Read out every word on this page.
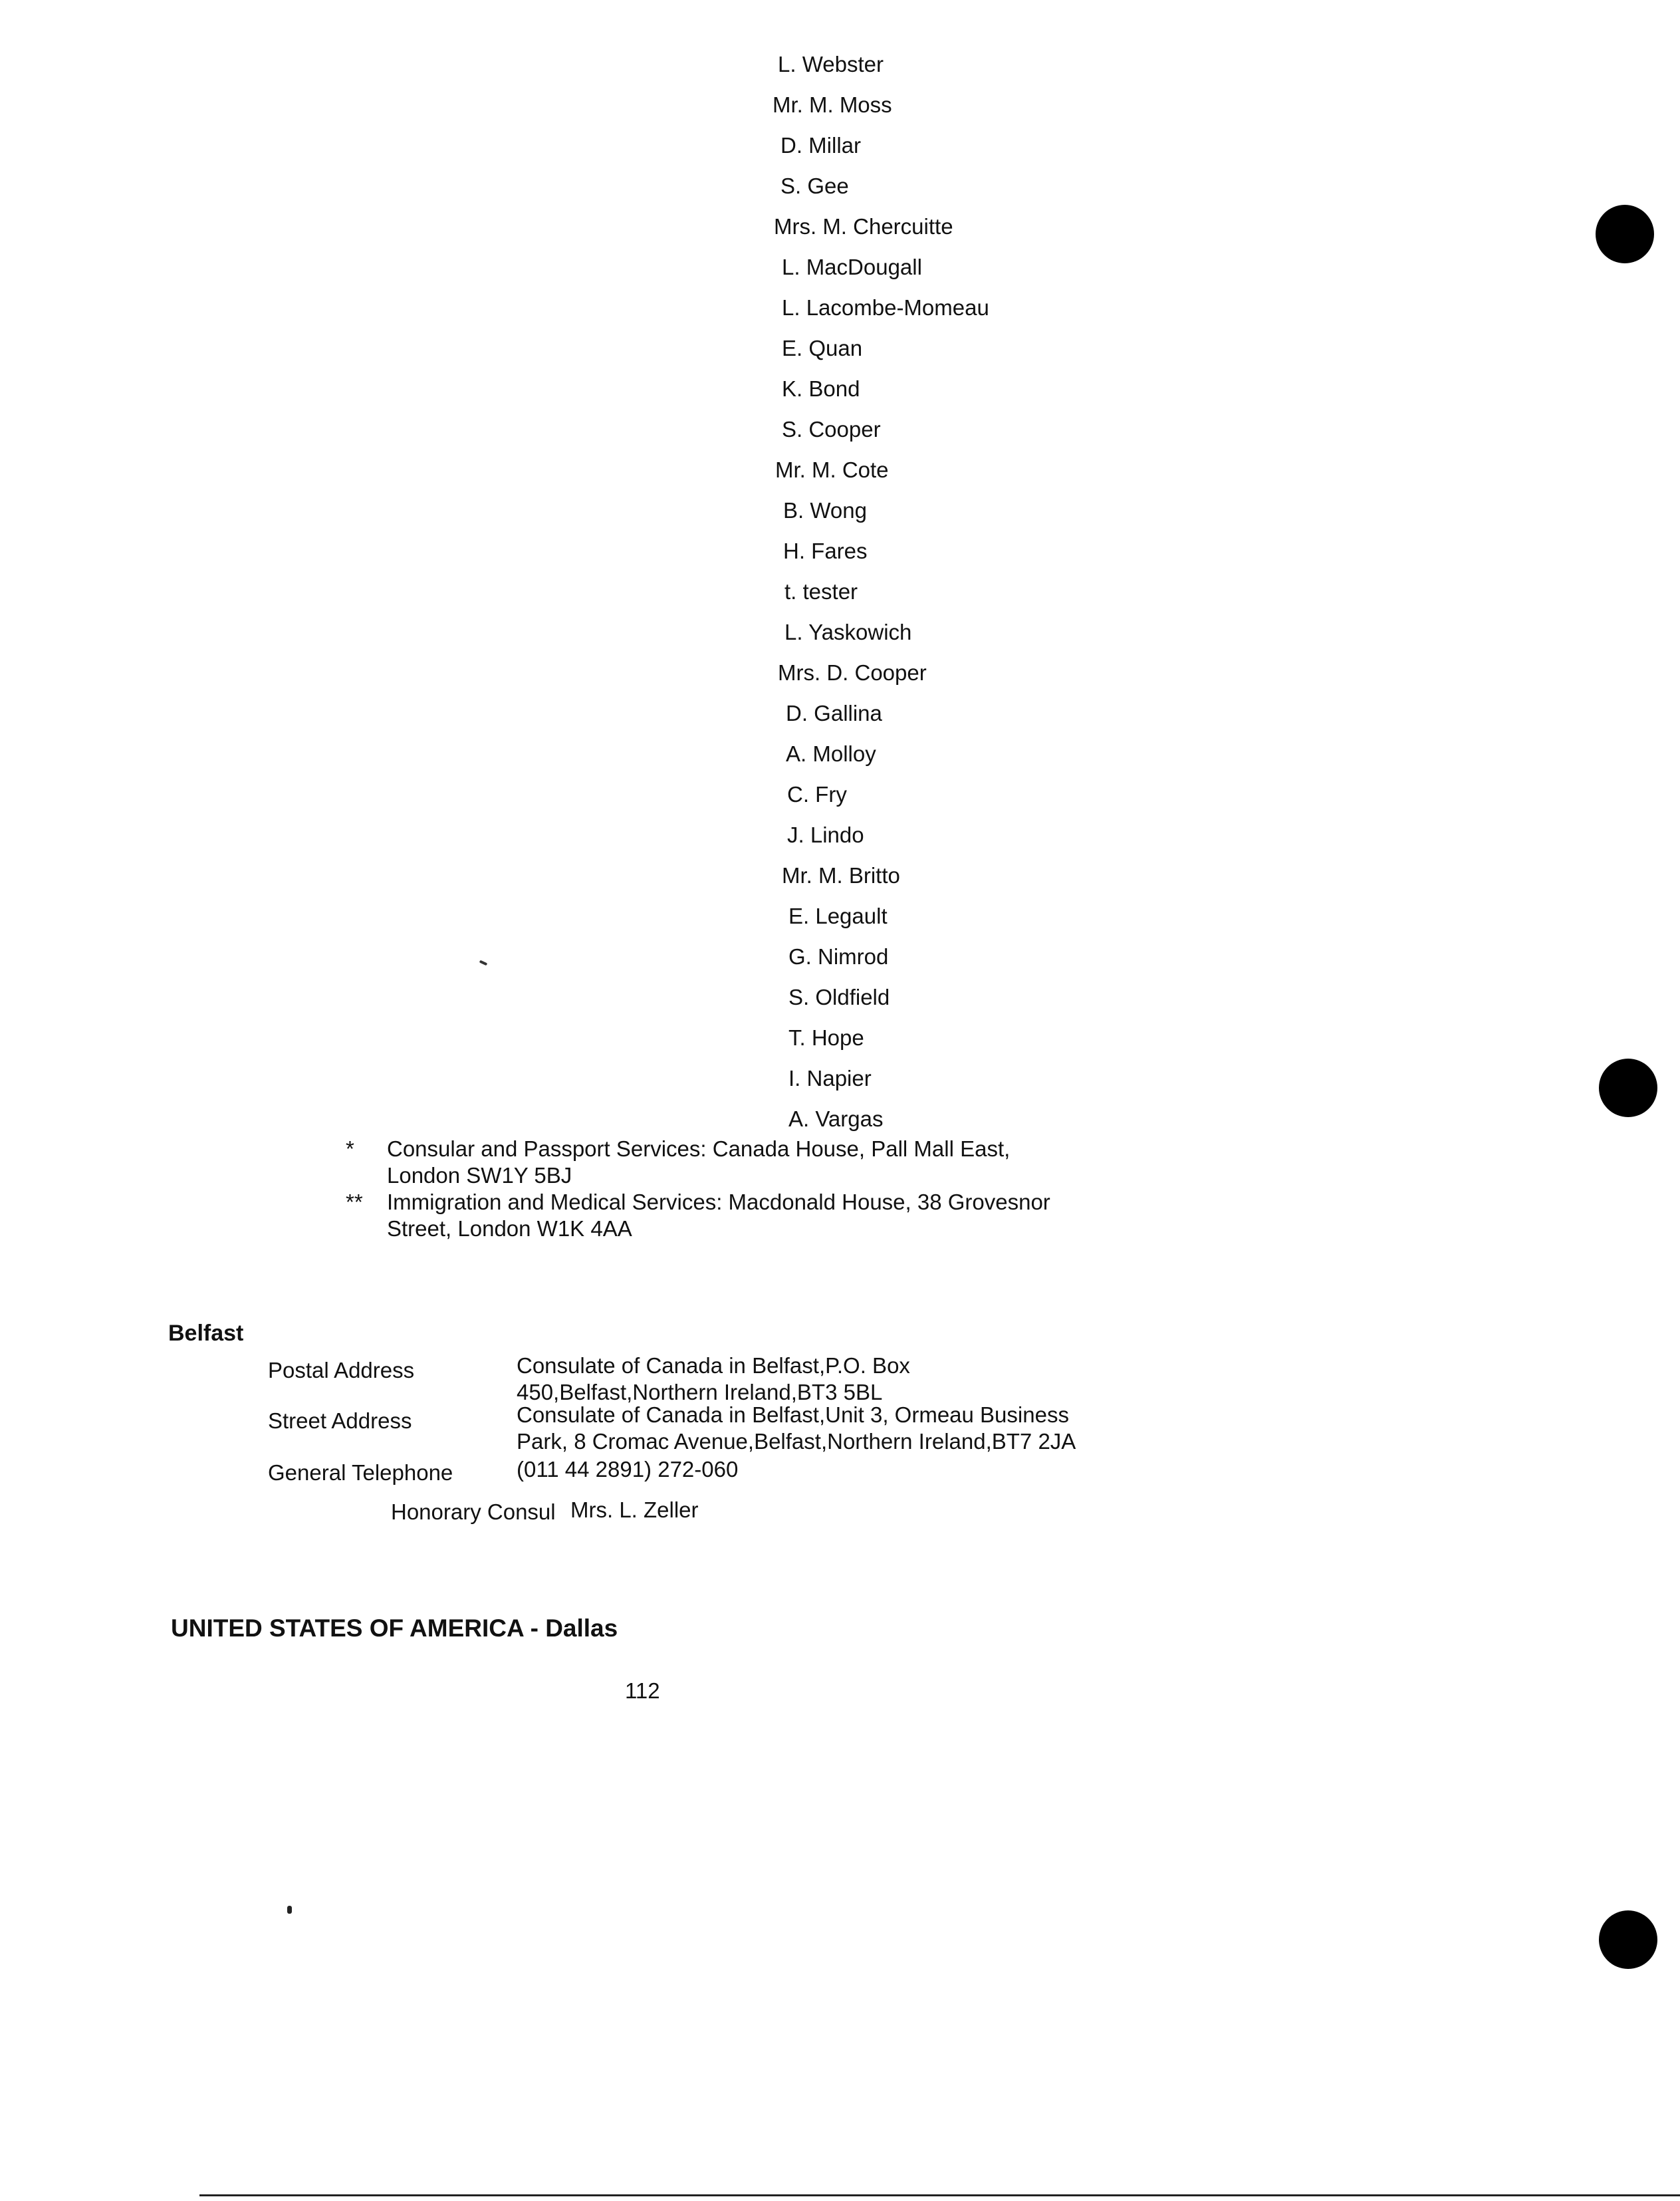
L. Webster
Mr. M. Moss
D. Millar
S. Gee
Mrs. M. Chercuitte
L. MacDougall
L. Lacombe-Momeau
E. Quan
K. Bond
S. Cooper
Mr. M. Cote
B. Wong
H. Fares
t. tester
L. Yaskowich
Mrs. D. Cooper
D. Gallina
A. Molloy
C. Fry
J. Lindo
Mr. M. Britto
E. Legault
G. Nimrod
S. Oldfield
T. Hope
I. Napier
A. Vargas
*	Consular and Passport Services: Canada House, Pall Mall East, London SW1Y 5BJ
**	Immigration and Medical Services: Macdonald House, 38 Grovesnor Street, London W1K 4AA
Belfast
Postal Address	Consulate of Canada in Belfast,P.O. Box 450,Belfast,Northern Ireland,BT3 5BL
Street Address	Consulate of Canada in Belfast,Unit 3, Ormeau Business Park, 8 Cromac Avenue,Belfast,Northern Ireland,BT7 2JA
General Telephone	(011 44 2891) 272-060
Honorary Consul Mrs. L. Zeller
UNITED STATES OF AMERICA - Dallas
112
